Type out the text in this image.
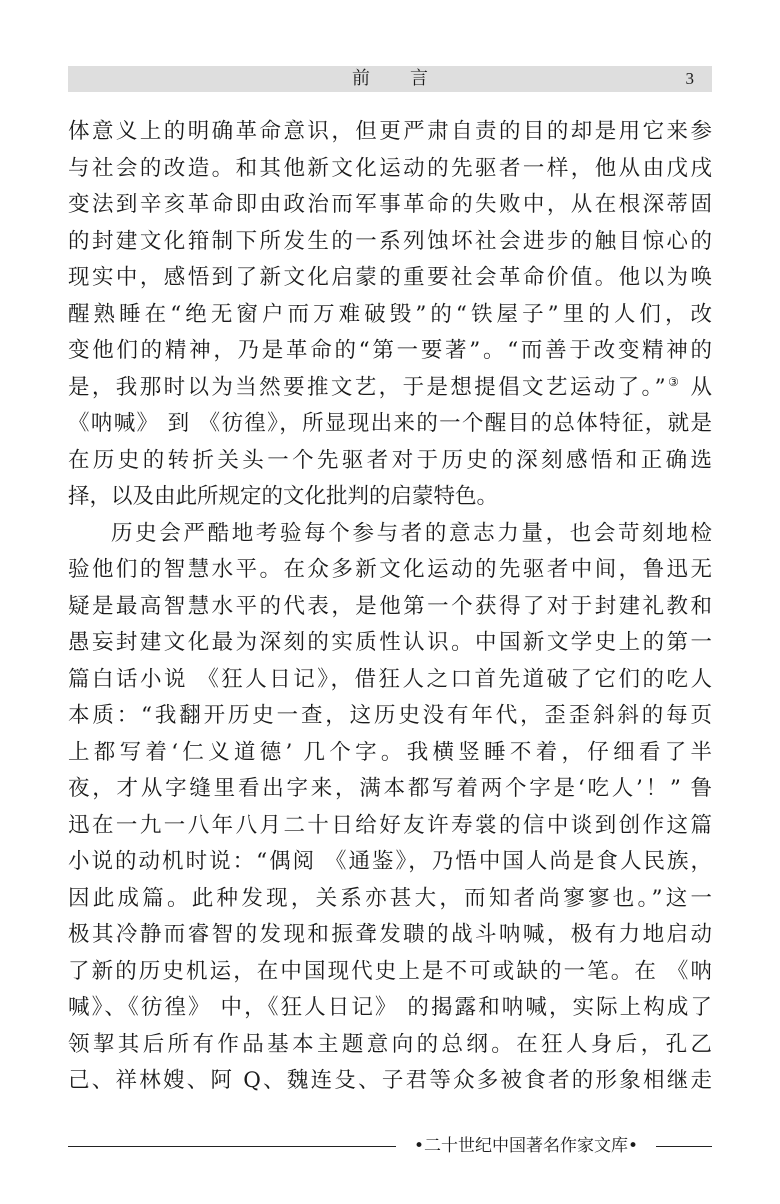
前言	3
体意义上的明确革命意识，但更严肃自责的目的却是用它来参
与社会的改造。和其他新文化运动的先驱者一样，他从由戊戌
变法到辛亥革命即由政治而军事革命的失败中，从在根深蒂固
的封建文化箝制下所发生的一系列蚀坏社会进步的触目惊心的
现实中，感悟到了新文化启蒙的重要社会革命价值。他以为唤
醒熟睡在“绝无窗户而万难破毁”的“铁屋子”里的人们，改
变他们的精神，乃是革命的“第一要著”。“而善于改变精神的
是，我那时以为当然要推文艺，于是想提倡文艺运动了。”③ 从
《呐喊》 到 《彷徨》，所显现出来的一个醒目的总体特征，就是
在历史的转折关头一个先驱者对于历史的深刻感悟和正确选
择，以及由此所规定的文化批判的启蒙特色。
历史会严酷地考验每个参与者的意志力量，也会苛刻地检
验他们的智慧水平。在众多新文化运动的先驱者中间，鲁迅无
疑是最高智慧水平的代表，是他第一个获得了对于封建礼教和
愚妄封建文化最为深刻的实质性认识。中国新文学史上的第一
篇白话小说 《狂人日记》，借狂人之口首先道破了它们的吃人
本质：“我翻开历史一查，这历史没有年代，歪歪斜斜的每页
上都写着‘仁义道德’ 几个字。我横竖睡不着，仔细看了半
夜，才从字缝里看出字来，满本都写着两个字是‘吃人’！” 鲁
迅在一九一八年八月二十日给好友许寿裳的信中谈到创作这篇
小说的动机时说：“偶阅 《通鉴》，乃悟中国人尚是食人民族，
因此成篇。此种发现，关系亦甚大，而知者尚寥寥也。”这一
极其冷静而睿智的发现和振聋发聩的战斗呐喊，极有力地启动
了新的历史机运，在中国现代史上是不可或缺的一笔。在 《呐
喊》、《彷徨》 中，《狂人日记》 的揭露和呐喊，实际上构成了
领挈其后所有作品基本主题意向的总纲。在狂人身后，孔乙
己、祥林嫂、阿 Q、魏连殳、子君等众多被食者的形象相继走
•二十世纪中国著名作家文库•
